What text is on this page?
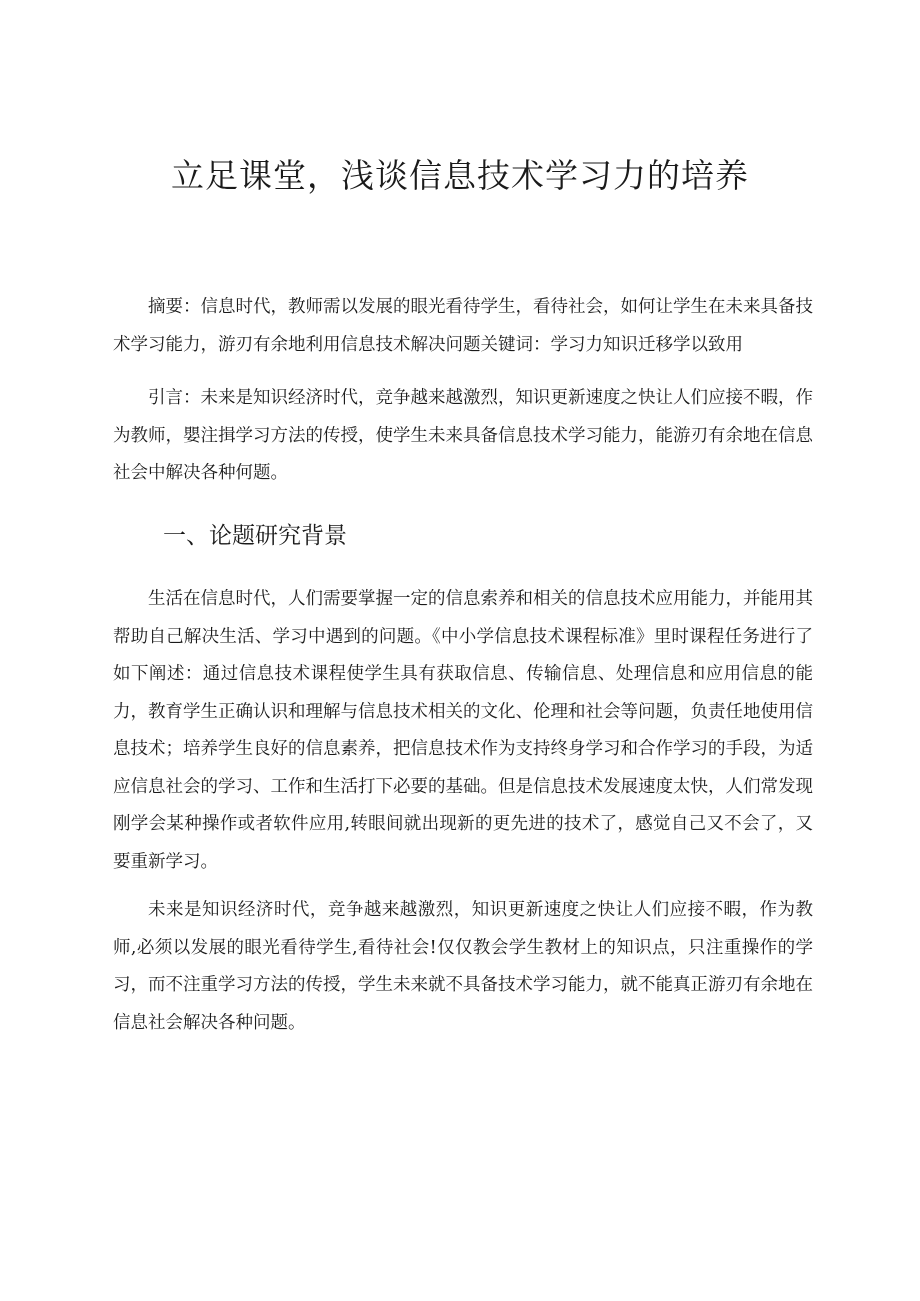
立足课堂，浅谈信息技术学习力的培养

摘要：信息时代，教师需以发展的眼光看待学生，看待社会，如何让学生在未来具备技术学习能力，游刃有余地利用信息技术解决问题关键词：学习力知识迁移学以致用

引言：未来是知识经济时代，竞争越来越激烈，知识更新速度之快让人们应接不暇，作为教师，嬰注揖学习方法的传授，使学生未来具备信息技术学习能力，能游刃有余地在信息社会中解决各种何题。

一、论题研究背景

生活在信息时代，人们需要掌握一定的信息索养和相关的信息技术应用能力，并能用其帮助自己解决生活、学习中遇到的问题。《中小学信息技术课程标准》里时课程任务进行了如下阐述：通过信息技术课程使学生具有获取信息、传输信息、处理信息和应用信息的能力，教育学生正确认识和理解与信息技术相关的文化、伦理和社会等问题，负责任地使用信息技术；培养学生良好的信息素养，把信息技术作为支持终身学习和合作学习的手段，为适应信息社会的学习、工作和生活打下必要的基础。但是信息技术发展速度太快，人们常发现刚学会某种操作或者软件应用,转眼间就出现新的更先进的技术了，感觉自己又不会了，又要重新学习。

未来是知识经济时代，竞争越来越激烈，知识更新速度之快让人们应接不暇，作为教师,必须以发展的眼光看待学生,看待社会!仅仅教会学生教材上的知识点，只注重操作的学习，而不注重学习方法的传授，学生未来就不具备技术学习能力，就不能真正游刃有余地在信息社会解决各种问题。
